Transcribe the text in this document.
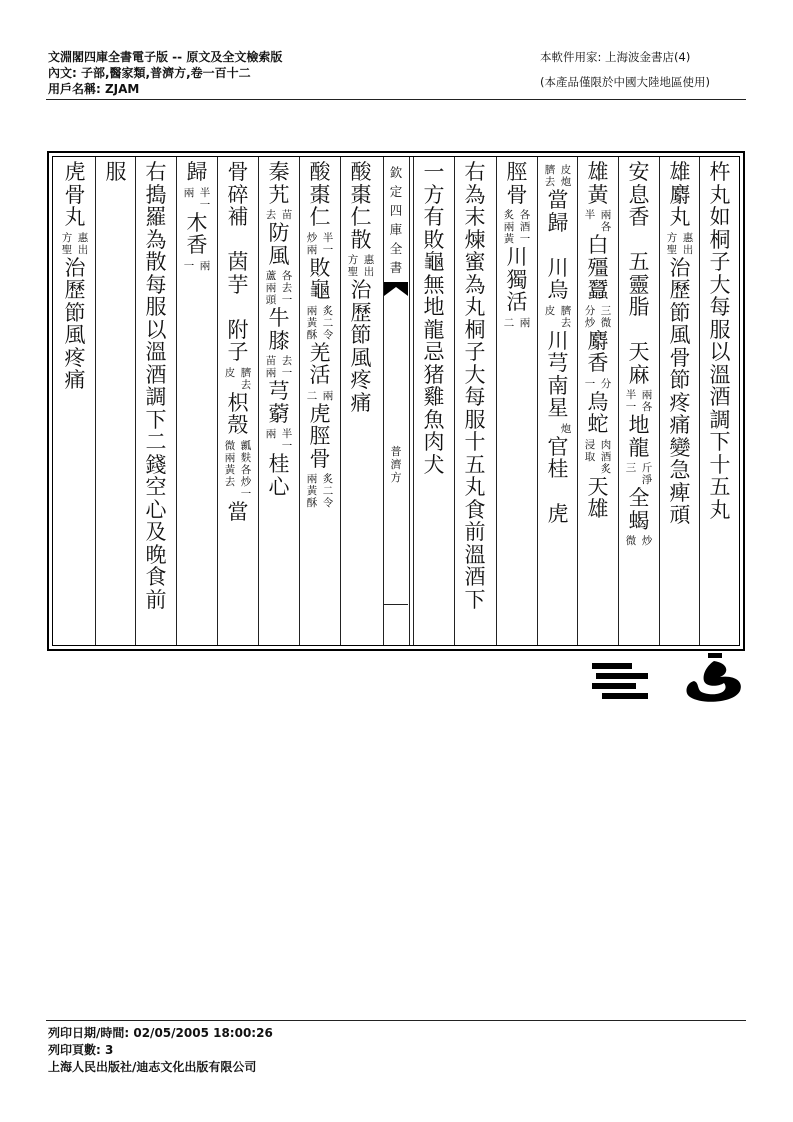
文淵閣四庫全書電子版 -- 原文及全文檢索版
內文: 子部,醫家類,普濟方,卷一百十二
用戶名稱: ZJAM
本軟件用家: 上海波金書店(4)
(本產品僅限於中國大陸地區使用)
杵
丸
如
桐
子
大
每
服
以
溫
酒
調
下
十
五
丸
雄
麝
丸
惠
出
方
聖
治
歷
節
風
骨
節
疼
痛
變
急
痺
頑
安
息
香

五
靈
脂

天
麻
兩
各
半
一
地
龍
斤
淨
三
全
蝎
炒
微
雄
黃
兩
各
半
白
殭
蠶
三
微
分
炒
麝
香
分
一
烏
蛇
肉
酒
炙
浸
取
天
雄
皮
炮
臍
去
當
歸

川
烏
臍
去
皮
川
芎
南
星
炮
官
桂

虎
脛
骨
各
酒
一
炙
兩
黃
川
獨
活
兩
二
右
為
末
煉
蜜
為
丸
桐
子
大
每
服
十
五
丸
食
前
溫
酒
下
一
方
有
敗
龜
無
地
龍
忌
猪
雞
魚
肉
犬
酸
棗
仁
散
惠
出
方
聖
治
歷
節
風
疼
痛
酸
棗
仁
半
一
炒
兩
敗
龜
炙
二
令
兩
黃
酥
羌
活
兩
二
虎
脛
骨
炙
二
令
兩
黃
酥
秦
艽
苗
去
防
風
各
去
一
蘆
兩
頭
牛
膝
去
一
苗
兩
芎
藭
半
一
兩
桂
心
骨
碎
補

茵
芋

附
子
臍
去
皮
枳
殼
瓤
麩
各
炒
一
微
兩
黃
去
當
歸
半
一
兩
木
香
兩
一
右
搗
羅
為
散
每
服
以
溫
酒
調
下
二
錢
空
心
及
晚
食
前
服
虎
骨
丸
惠
出
方
聖
治
歷
節
風
疼
痛
欽
定
四
庫
全
書
普
濟
方
列印日期/時間: 02/05/2005 18:00:26
列印頁數: 3
上海人民出版社/迪志文化出版有限公司
